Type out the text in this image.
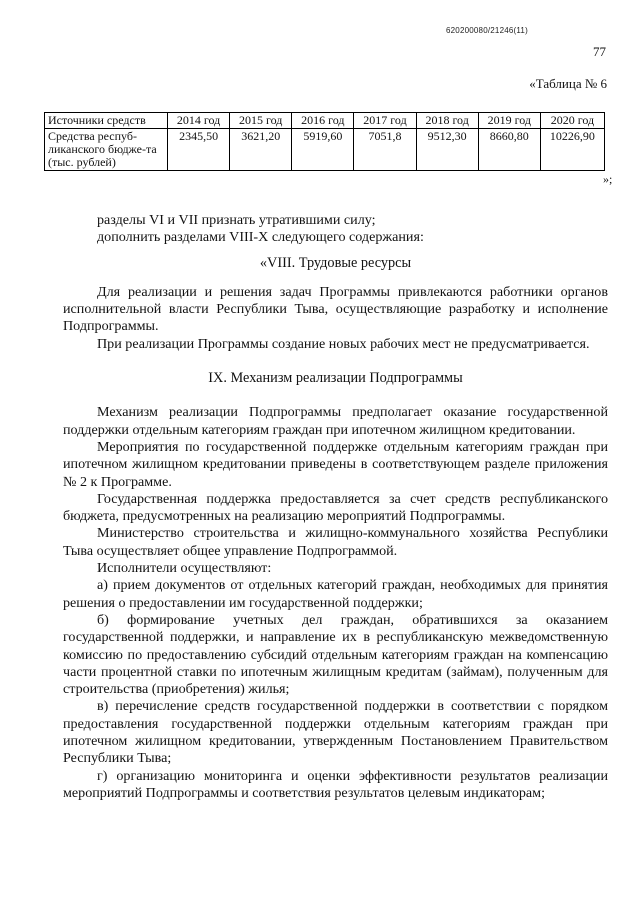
620200080/21246(11)
77
«Таблица № 6
Источники средств	2014 год	2015 год	2016 год	2017 год	2018 год	2019 год	2020 год
Средства респуб-ликанского бюдже-та (тыс. рублей)	2345,50	3621,20	5919,60	7051,8	9512,30	8660,80	10226,90
»;

разделы VI и VII признать утратившими силу;

дополнить разделами VIII-X следующего содержания:

«VIII. Трудовые ресурсы

Для реализации и решения задач Программы привлекаются работники органов исполнительной власти Республики Тыва, осуществляющие разработку и исполнение Подпрограммы.

При реализации Программы создание новых рабочих мест не предусматривается.

IX. Механизм реализации Подпрограммы

Механизм реализации Подпрограммы предполагает оказание государственной поддержки отдельным категориям граждан при ипотечном жилищном кредитовании.

Мероприятия по государственной поддержке отдельным категориям граждан при ипотечном жилищном кредитовании приведены в соответствующем разделе приложения № 2 к Программе.

Государственная поддержка предоставляется за счет средств республиканского бюджета, предусмотренных на реализацию мероприятий Подпрограммы.

Министерство строительства и жилищно-коммунального хозяйства Республики Тыва осуществляет общее управление Подпрограммой.

Исполнители осуществляют:

а) прием документов от отдельных категорий граждан, необходимых для принятия решения о предоставлении им государственной поддержки;

б) формирование учетных дел граждан, обратившихся за оказанием государственной поддержки, и направление их в республиканскую межведомственную комиссию по предоставлению субсидий отдельным категориям граждан на компенсацию части процентной ставки по ипотечным жилищным кредитам (займам), полученным для строительства (приобретения) жилья;

в) перечисление средств государственной поддержки в соответствии с порядком предоставления государственной поддержки отдельным категориям граждан при ипотечном жилищном кредитовании, утвержденным Постановлением Правительством Республики Тыва;

г) организацию мониторинга и оценки эффективности результатов реализации мероприятий Подпрограммы и соответствия результатов целевым индикаторам;
